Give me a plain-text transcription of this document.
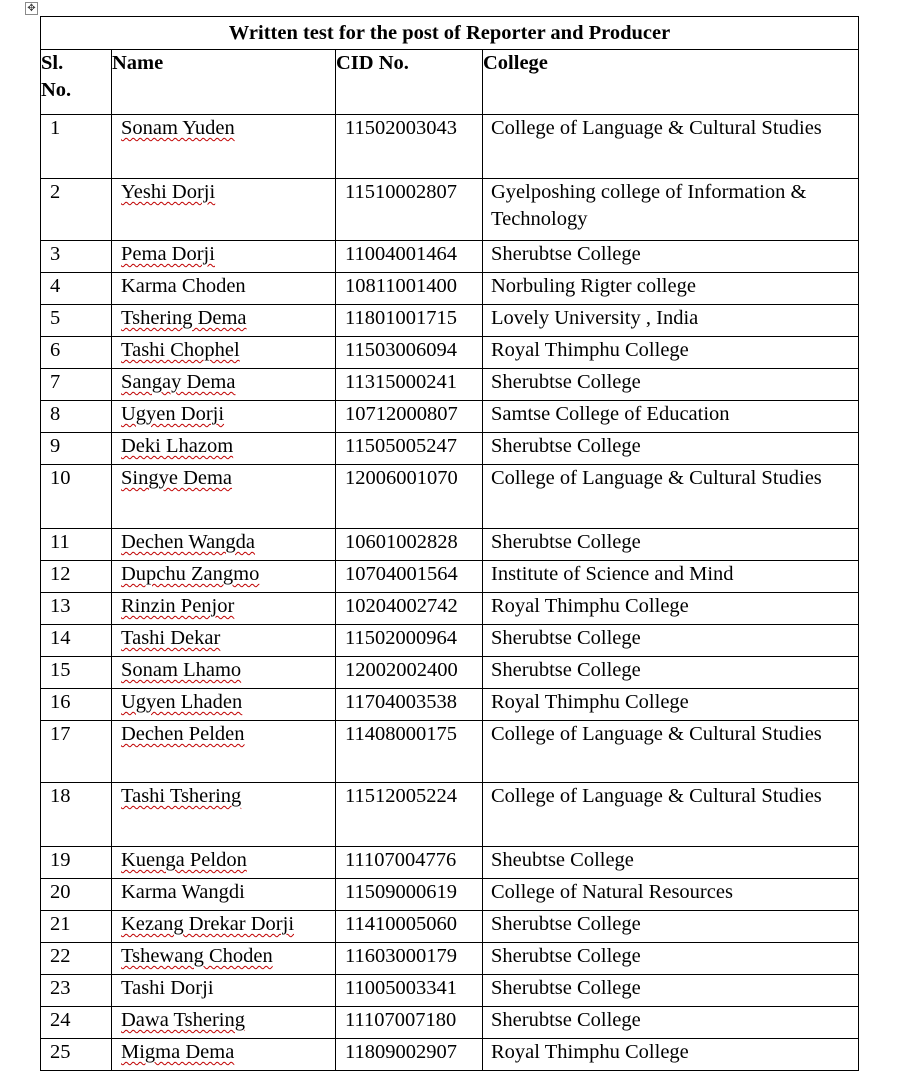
✥
Written test for the post of Reporter and Producer			
Sl.
No.	Name	CID No.	College
1	Sonam Yuden	11502003043	College of Language & Cultural Studies
2	Yeshi Dorji	11510002807	Gyelposhing college of Information & Technology
3	Pema Dorji	11004001464	Sherubtse College
4	Karma Choden	10811001400	Norbuling Rigter college
5	Tshering Dema	11801001715	Lovely University , India
6	Tashi Chophel	11503006094	Royal Thimphu College
7	Sangay Dema	11315000241	Sherubtse College
8	Ugyen Dorji	10712000807	Samtse College of Education
9	Deki Lhazom	11505005247	Sherubtse College
10	Singye Dema	12006001070	College of Language & Cultural Studies
11	Dechen Wangda	10601002828	Sherubtse College
12	Dupchu Zangmo	10704001564	Institute of Science and Mind
13	Rinzin Penjor	10204002742	Royal Thimphu College
14	Tashi Dekar	11502000964	Sherubtse College
15	Sonam Lhamo	12002002400	Sherubtse College
16	Ugyen Lhaden	11704003538	Royal Thimphu College
17	Dechen Pelden	11408000175	College of Language & Cultural Studies
18	Tashi Tshering	11512005224	College of Language & Cultural Studies
19	Kuenga Peldon	11107004776	Sheubtse College
20	Karma Wangdi	11509000619	College of Natural Resources
21	Kezang Drekar Dorji	11410005060	Sherubtse College
22	Tshewang Choden	11603000179	Sherubtse College
23	Tashi Dorji	11005003341	Sherubtse College
24	Dawa Tshering	11107007180	Sherubtse College
25	Migma Dema	11809002907	Royal Thimphu College
